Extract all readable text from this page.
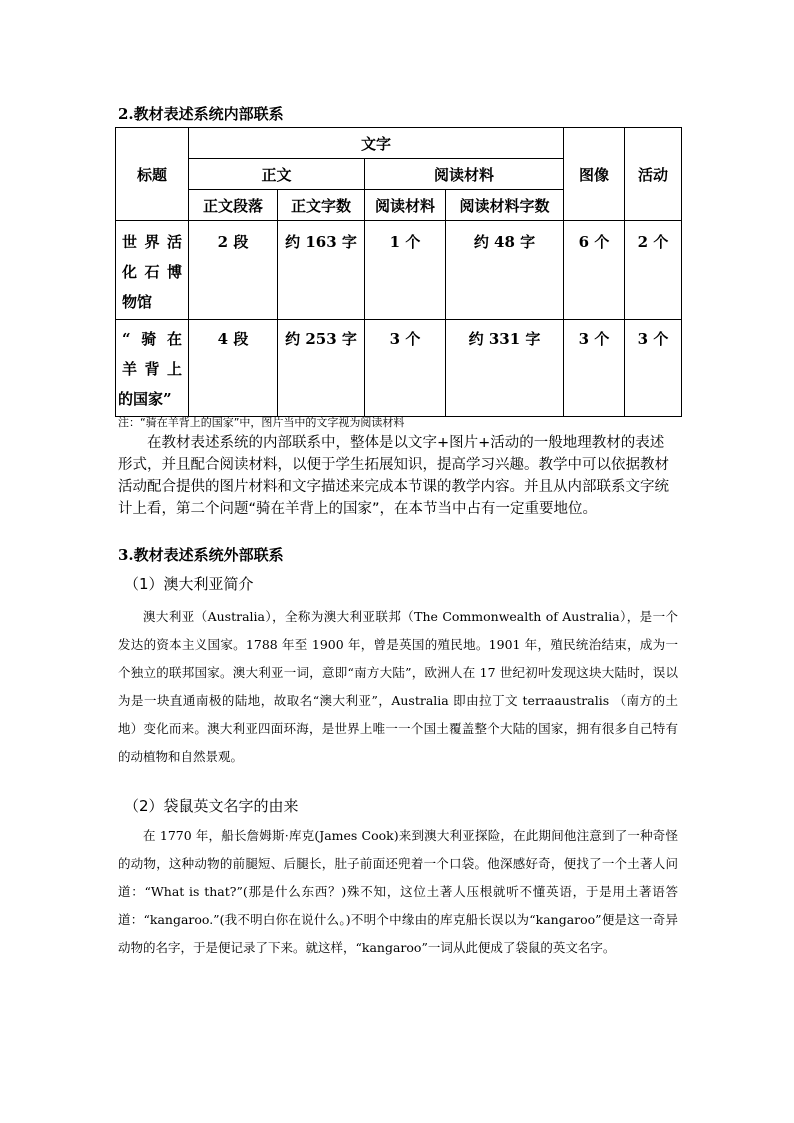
2.教材表述系统内部联系
标题	文字				图像	活动
	正文		阅读材料			
	正文段落	正文字数	阅读材料	阅读材料字数		

世界活
化石博
物馆	2 段	约 163 字	1 个	约 48 字	6 个	2 个

“骑在
羊背上
的国家”	4 段	约 253 字	3 个	约 331 字	3 个	3 个
注：“骑在羊背上的国家”中，图片当中的文字视为阅读材料
在教材表述系统的内部联系中，整体是以文字+图片+活动的一般地理教材的表述形式，并且配合阅读材料，以便于学生拓展知识，提高学习兴趣。教学中可以依据教材活动配合提供的图片材料和文字描述来完成本节课的教学内容。并且从内部联系文字统计上看，第二个问题“骑在羊背上的国家”，在本节当中占有一定重要地位。
3.教材表述系统外部联系
（1）澳大利亚简介
澳大利亚（Australia），全称为澳大利亚联邦（The Commonwealth of Australia），是一个发达的资本主义国家。1788 年至 1900 年，曾是英国的殖民地。1901 年，殖民统治结束，成为一个独立的联邦国家。澳大利亚一词，意即“南方大陆”，欧洲人在 17 世纪初叶发现这块大陆时，误以为是一块直通南极的陆地，故取名“澳大利亚”，Australia 即由拉丁文 terraaustralis （南方的土地）变化而来。澳大利亚四面环海，是世界上唯一一个国土覆盖整个大陆的国家，拥有很多自己特有的动植物和自然景观。
（2）袋鼠英文名字的由来
在 1770 年，船长詹姆斯·库克(James Cook)来到澳大利亚探险，在此期间他注意到了一种奇怪的动物，这种动物的前腿短、后腿长，肚子前面还兜着一个口袋。他深感好奇，便找了一个土著人问道：“What is that?”(那是什么东西？)殊不知，这位土著人压根就听不懂英语，于是用土著语答道：“kangaroo.”(我不明白你在说什么。)不明个中缘由的库克船长误以为“kangaroo”便是这一奇异动物的名字，于是便记录了下来。就这样，“kangaroo”一词从此便成了袋鼠的英文名字。
